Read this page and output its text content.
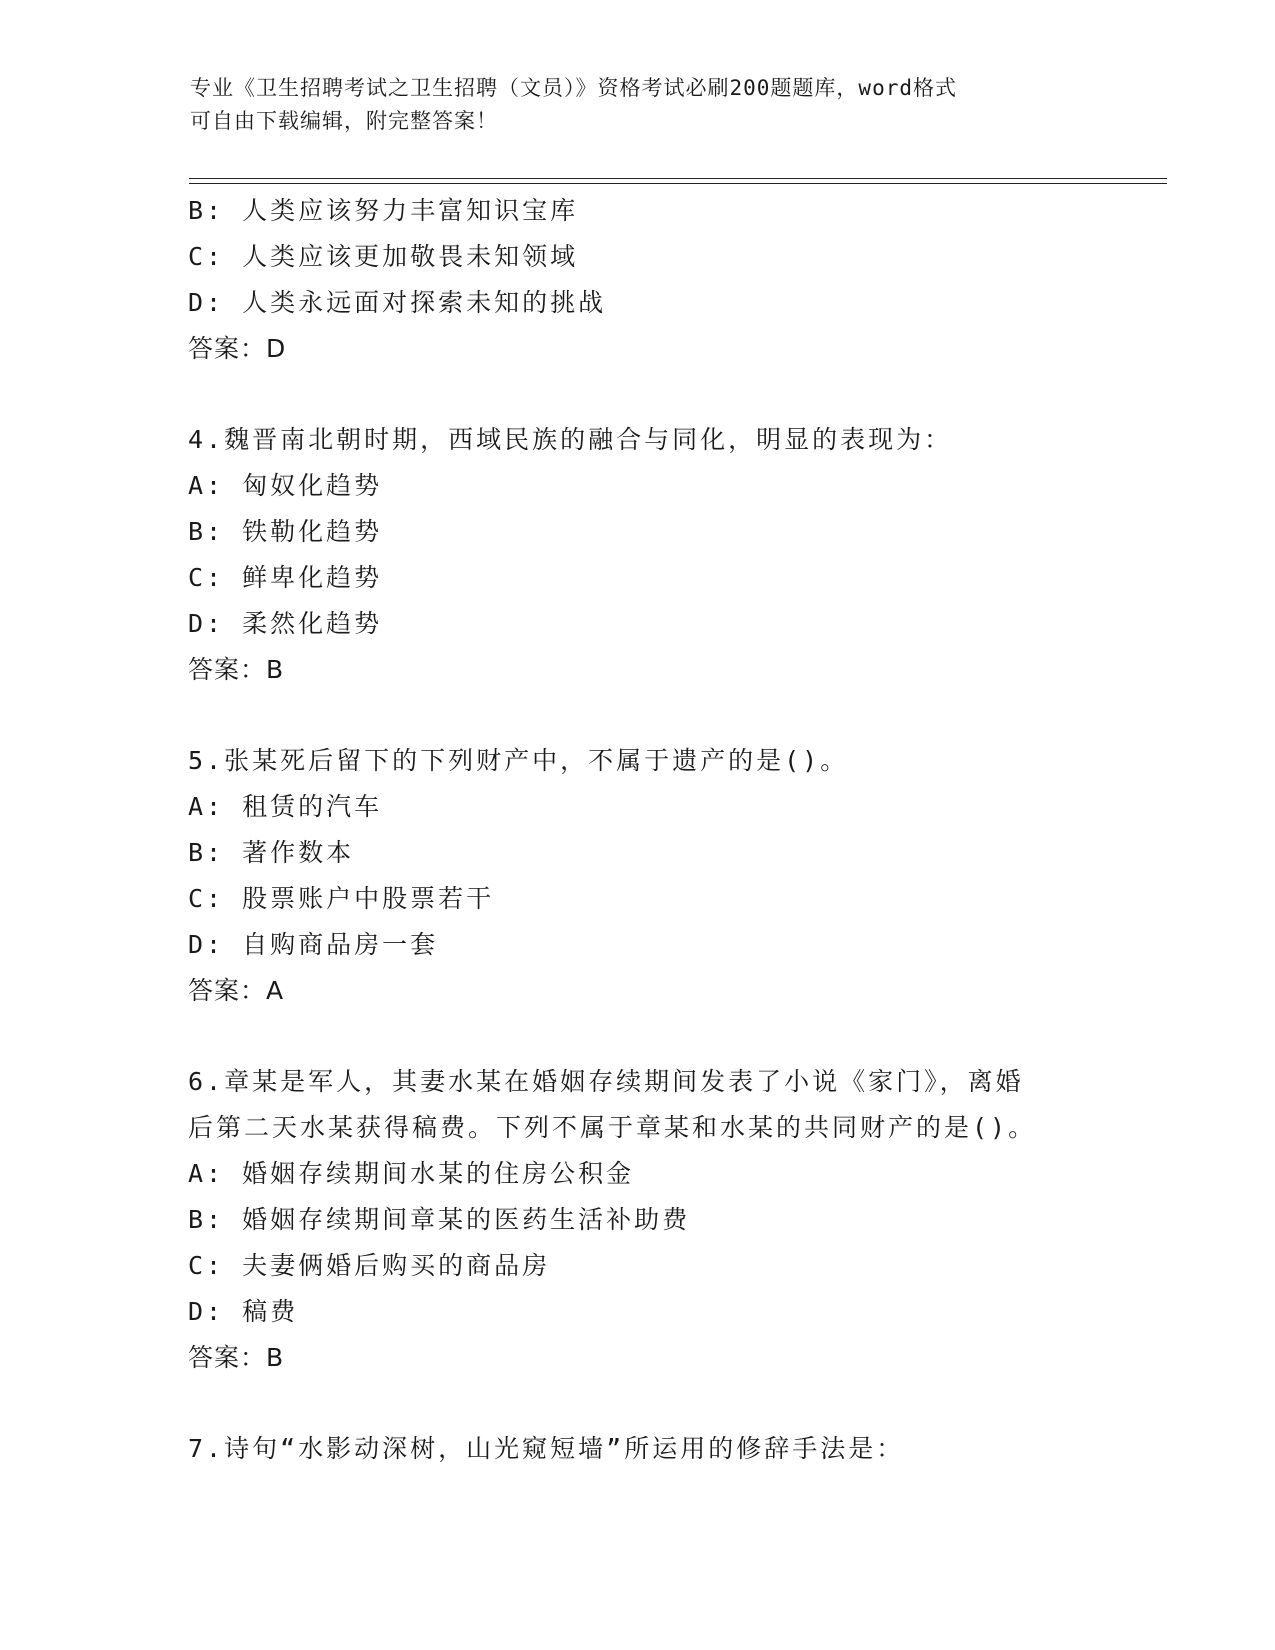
专业《卫生招聘考试之卫生招聘（文员）》资格考试必刷200题题库，word格式
可自由下载编辑，附完整答案！
B: 人类应该努力丰富知识宝库
C: 人类应该更加敬畏未知领域
D: 人类永远面对探索未知的挑战
答案：D
4.魏晋南北朝时期，西域民族的融合与同化，明显的表现为：
A: 匈奴化趋势
B: 铁勒化趋势
C: 鲜卑化趋势
D: 柔然化趋势
答案：B
5.张某死后留下的下列财产中，不属于遗产的是()。
A: 租赁的汽车
B: 著作数本
C: 股票账户中股票若干
D: 自购商品房一套
答案：A
6.章某是军人，其妻水某在婚姻存续期间发表了小说《家门》，离婚
后第二天水某获得稿费。下列不属于章某和水某的共同财产的是()。
A: 婚姻存续期间水某的住房公积金
B: 婚姻存续期间章某的医药生活补助费
C: 夫妻俩婚后购买的商品房
D: 稿费
答案：B
7.诗句“水影动深树，山光窥短墙”所运用的修辞手法是：
